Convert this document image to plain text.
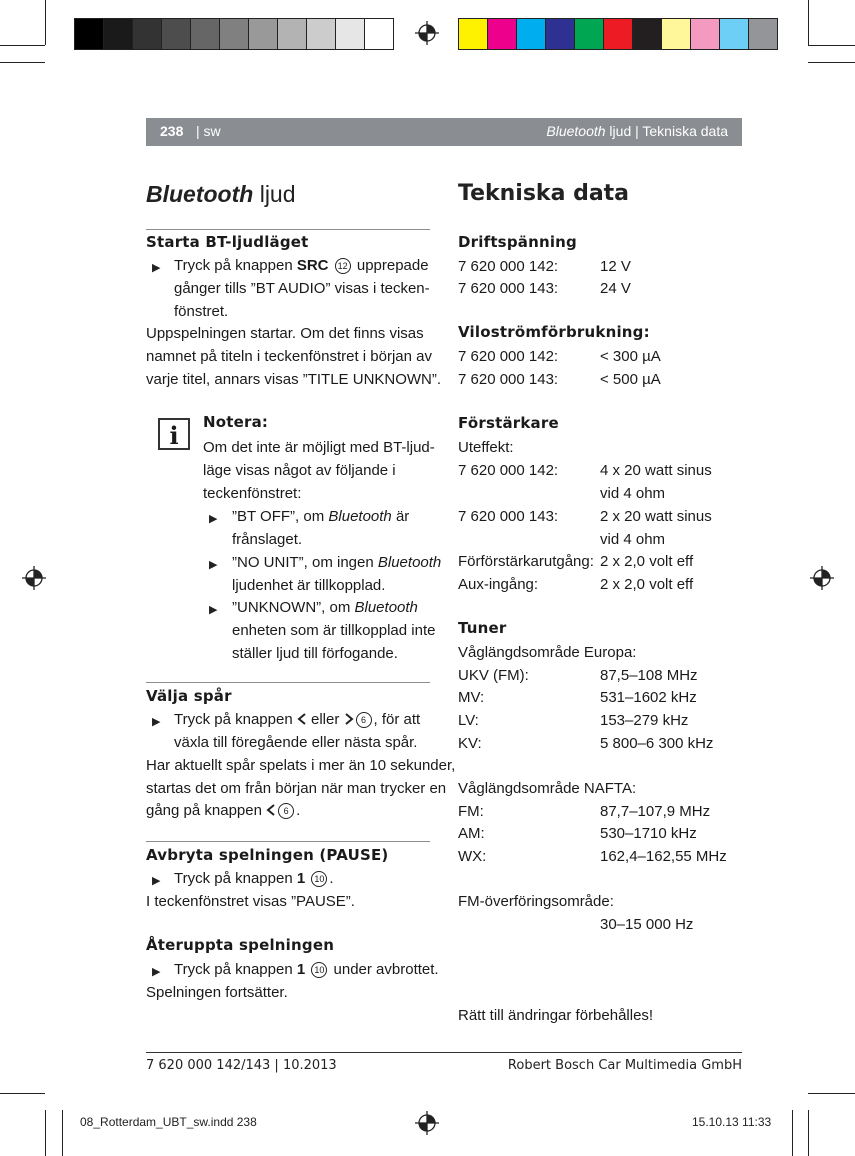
08_Rotterdam_UBT_sw.indd 238	15.10.13 11:33
238 | sw	Bluetooth ljud | Tekniska data
Bluetooth ljud
Starta BT-ljudläget
▶ Tryck på knappen SRC 12 upprepade
gånger tills ”BT AUDIO” visas i tecken-
fönstret.
Uppspelningen startar. Om det finns visas
namnet på titeln i teckenfönstret i början av
varje titel, annars visas ”TITLE UNKNOWN”.
i	Notera:
Om det inte är möjligt med BT-ljud-
läge visas något av följande i
teckenfönstret:
▶ ”BT OFF”, om Bluetooth är
frånslaget.
▶ ”NO UNIT”, om ingen Bluetooth
ljudenhet är tillkopplad.
▶ ”UNKNOWN”, om Bluetooth
enheten som är tillkopplad inte
ställer ljud till förfogande.
Välja spår
▶ Tryck på knappen  eller 6 , för att
växla till föregående eller nästa spår.
Har aktuellt spår spelats i mer än 10 sekunder,
startas det om från början när man trycker en
gång på knappen 6 .
Avbryta spelningen (PAUSE)
▶ Tryck på knappen 1 10 .
I teckenfönstret visas ”PAUSE”.
Återuppta spelningen
▶ Tryck på knappen 1 10 under avbrottet.
Spelningen fortsätter.
Tekniska data
Driftspänning
7 620 000 142:	12 V
7 620 000 143:	24 V
Viloströmförbrukning:
7 620 000 142:	< 300 µA
7 620 000 143:	< 500 µA
Förstärkare
Uteffekt:
7 620 000 142:	4 x 20 watt sinus
vid 4 ohm
7 620 000 143:	2 x 20 watt sinus
vid 4 ohm
Förförstärkarutgång: 2 x 2,0 volt eff
Aux-ingång:	2 x 2,0 volt eff
Tuner
Våglängdsområde Europa:
UKV (FM):	87,5–108 MHz
MV:	531–1602 kHz
LV:	153–279 kHz
KV:	5 800–6 300 kHz
Våglängdsområde NAFTA:
FM:	87,7–107,9 MHz
AM:	530–1710 kHz
WX:	162,4–162,55 MHz
FM-överföringsområde:
30–15 000 Hz
Rätt till ändringar förbehålles!
7 620 000 142/143 | 10.2013	Robert Bosch Car Multimedia GmbH
